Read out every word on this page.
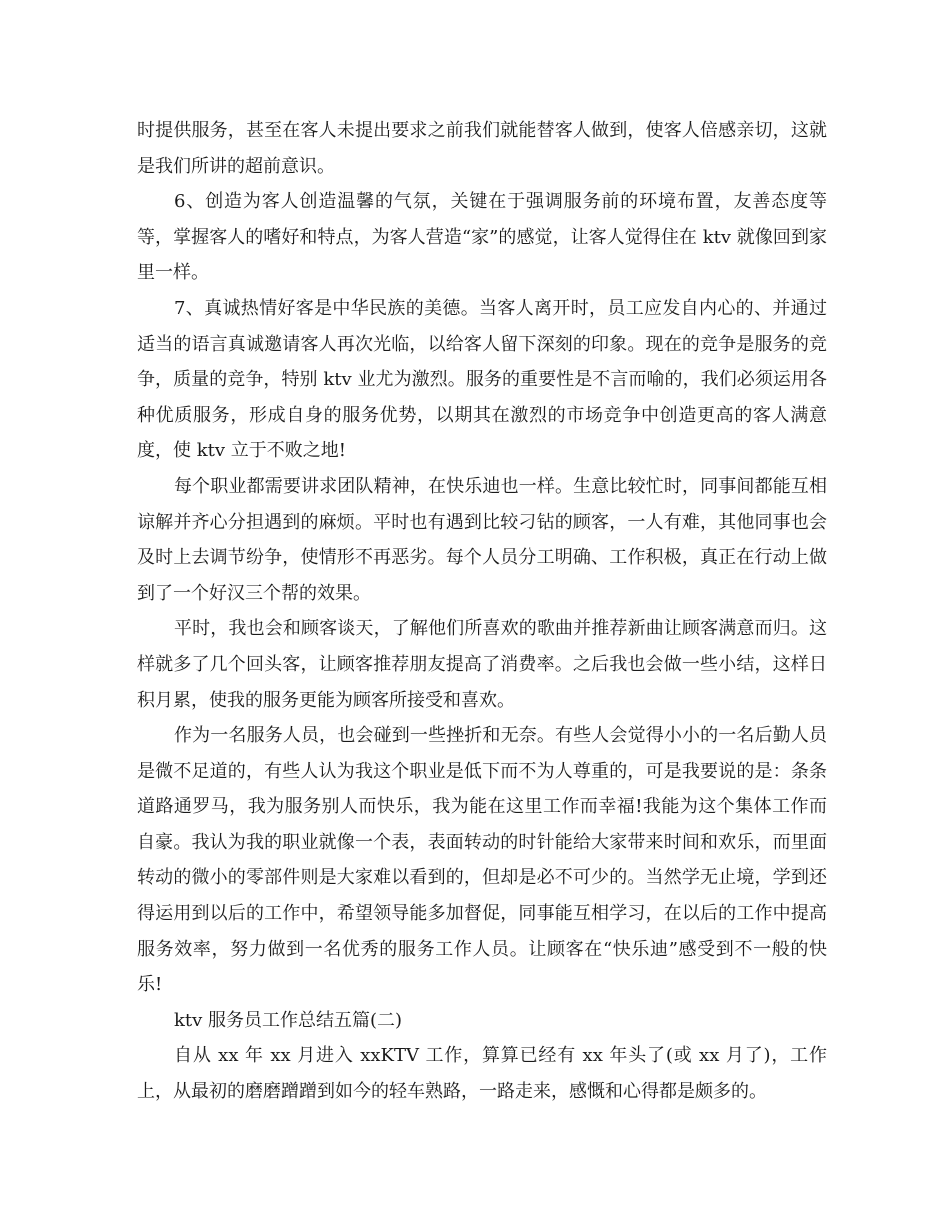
时提供服务，甚至在客人未提出要求之前我们就能替客人做到，使客人倍感亲切，这就是我们所讲的超前意识。

6、创造为客人创造温馨的气氛，关键在于强调服务前的环境布置，友善态度等等，掌握客人的嗜好和特点，为客人营造“家”的感觉，让客人觉得住在 ktv 就像回到家里一样。

7、真诚热情好客是中华民族的美德。当客人离开时，员工应发自内心的、并通过适当的语言真诚邀请客人再次光临，以给客人留下深刻的印象。现在的竞争是服务的竞争，质量的竞争，特别 ktv 业尤为激烈。服务的重要性是不言而喻的，我们必须运用各种优质服务，形成自身的服务优势，以期其在激烈的市场竞争中创造更高的客人满意度，使 ktv 立于不败之地!

每个职业都需要讲求团队精神，在快乐迪也一样。生意比较忙时，同事间都能互相谅解并齐心分担遇到的麻烦。平时也有遇到比较刁钻的顾客，一人有难，其他同事也会及时上去调节纷争，使情形不再恶劣。每个人员分工明确、工作积极，真正在行动上做到了一个好汉三个帮的效果。

平时，我也会和顾客谈天，了解他们所喜欢的歌曲并推荐新曲让顾客满意而归。这样就多了几个回头客，让顾客推荐朋友提高了消费率。之后我也会做一些小结，这样日积月累，使我的服务更能为顾客所接受和喜欢。

作为一名服务人员，也会碰到一些挫折和无奈。有些人会觉得小小的一名后勤人员是微不足道的，有些人认为我这个职业是低下而不为人尊重的，可是我要说的是：条条道路通罗马，我为服务别人而快乐，我为能在这里工作而幸福!我能为这个集体工作而自豪。我认为我的职业就像一个表，表面转动的时针能给大家带来时间和欢乐，而里面转动的微小的零部件则是大家难以看到的，但却是必不可少的。当然学无止境，学到还得运用到以后的工作中，希望领导能多加督促，同事能互相学习，在以后的工作中提高服务效率，努力做到一名优秀的服务工作人员。让顾客在“快乐迪”感受到不一般的快乐!

ktv 服务员工作总结五篇(二)

自从 xx 年 xx 月进入 xxKTV 工作，算算已经有 xx 年头了(或 xx 月了)，工作上，从最初的磨磨蹭蹭到如今的轻车熟路，一路走来，感慨和心得都是颇多的。
